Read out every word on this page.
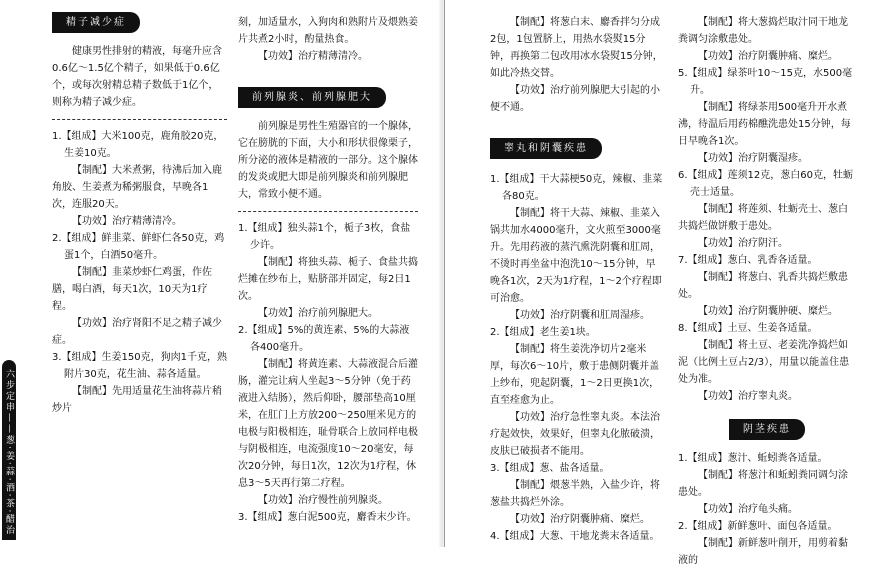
六步定串——葱·姜·蒜·酒·茶·醋治
精子减少症

健康男性排射的精液，每毫升应含0.6亿～1.5亿个精子，如果低于0.6亿个，或每次射精总精子数低于1亿个，则称为精子减少症。

1.【组成】大米100克，鹿角胶20克，生姜10克。

【制配】大米煮粥，待沸后加入鹿角胶、生姜煮为稀粥服食，早晚各1次，连服20天。

【功效】治疗精薄清冷。

2.【组成】鲜韭菜、鲜虾仁各50克，鸡蛋1个，白酒50毫升。

【制配】韭菜炒虾仁鸡蛋，作佐膳，喝白酒，每天1次，10天为1疗程。

【功效】治疗肾阳不足之精子减少症。

3.【组成】生姜150克，狗肉1千克，熟附片30克，花生油、蒜各适量。

【制配】先用适量花生油将蒜片稍炒片

刻，加适量水，入狗肉和熟附片及煨熟姜片共煮2小时，酌量热食。

【功效】治疗精薄清冷。

前列腺炎、前列腺肥大

前列腺是男性生殖器官的一个腺体，它在膀胱的下面，大小和形状很像栗子，所分泌的液体是精液的一部分。这个腺体的发炎或肥大即是前列腺炎和前列腺肥大，常致小便不通。

1.【组成】独头蒜1个，栀子3枚，食盐少许。

【制配】将独头蒜、栀子、食盐共捣烂摊在纱布上，贴脐部并固定，每2日1次。

【功效】治疗前列腺肥大。

2.【组成】5%的黄连素、5%的大蒜液各400毫升。

【制配】将黄连素、大蒜液混合后灌肠，灌完让病人坐起3～5分钟（免于药液进入结肠），然后仰卧，腰部垫高10厘米，在肛门上方放200～250厘米见方的电极与阳极相连，耻骨联合上放同样电极与阴极相连，电流强度10～20毫安，每次20分钟，每日1次，12次为1疗程，休息3～5天再行第二疗程。

【功效】治疗慢性前列腺炎。

3.【组成】葱白泥500克，麝香末少许。

【制配】将葱白末、麝香拌匀分成2包，1包置脐上，用热水袋熨15分钟，再换第二包改用冰水袋熨15分钟，如此冷热交替。

【功效】治疗前列腺肥大引起的小便不通。

睾丸和阴囊疾患

1.【组成】干大蒜梗50克，辣椒、韭菜各80克。

【制配】将干大蒜、辣椒、韭菜入锅共加水4000毫升，文火煎至3000毫升。先用药液的蒸汽熏洗阴囊和肛周，不烫时再坐盆中泡洗10～15分钟，早晚各1次，2天为1疗程，1～2个疗程即可治愈。

【功效】治疗阴囊和肛周湿疹。

2.【组成】老生姜1块。

【制配】将生姜洗净切片2毫米厚，每次6～10片，敷于患侧阴囊并盖上纱布，兜起阴囊，1～2日更换1次，直至痊愈为止。

【功效】治疗急性睾丸炎。本法治疗起效快，效果好，但睾丸化脓破溃，皮肤已破损者不能用。

3.【组成】葱、盐各适量。

【制配】煨葱半熟，入盐少许，将葱盐共捣烂外涂。

【功效】治疗阴囊肿痛、糜烂。

4.【组成】大葱、干地龙粪末各适量。

【制配】将大葱捣烂取汁同干地龙粪调匀涂敷患处。

【功效】治疗阴囊肿痛、糜烂。

5.【组成】绿茶叶10～15克，水500毫升。

【制配】将绿茶用500毫升开水煮沸，待温后用药棉醮洗患处15分钟，每日早晚各1次。

【功效】治疗阴囊湿疹。

6.【组成】莲须12克，葱白60克，牡蛎壳士适量。

【制配】将莲须、牡蛎壳士、葱白共捣烂做饼敷于患处。

【功效】治疗阴汗。

7.【组成】葱白、乳香各适量。

【制配】将葱白、乳香共捣烂敷患处。

【功效】治疗阴囊肿硬、糜烂。

8.【组成】土豆、生姜各适量。

【制配】将土豆、老姜洗净捣烂如泥（比例土豆占2/3），用量以能盖住患处为准。

【功效】治疗睾丸炎。

阴茎疾患

1.【组成】葱汁、蚯蚓粪各适量。

【制配】将葱汁和蚯蚓粪同调匀涂患处。

【功效】治疗龟头痛。

2.【组成】新鲜葱叶、面包各适量。

【制配】新鲜葱叶削开，用剪着黏液的
